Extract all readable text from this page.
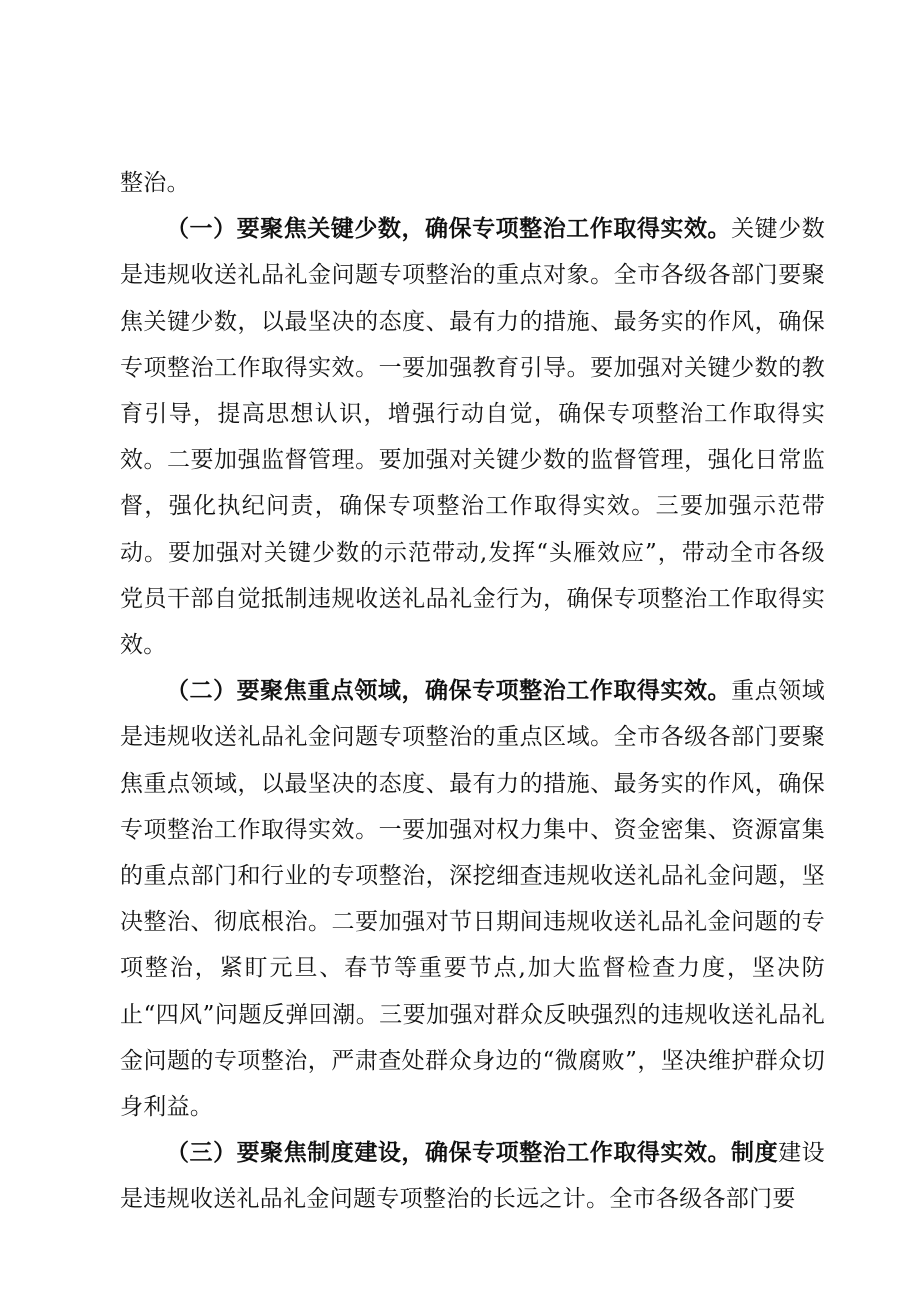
整治。

（一）要聚焦关键少数，确保专项整治工作取得实效。关键少数是违规收送礼品礼金问题专项整治的重点对象。全市各级各部门要聚焦关键少数，以最坚决的态度、最有力的措施、最务实的作风，确保专项整治工作取得实效。一要加强教育引导。要加强对关键少数的教育引导，提高思想认识，增强行动自觉，确保专项整治工作取得实效。二要加强监督管理。要加强对关键少数的监督管理，强化日常监督，强化执纪问责，确保专项整治工作取得实效。三要加强示范带动。要加强对关键少数的示范带动,发挥“头雁效应”，带动全市各级党员干部自觉抵制违规收送礼品礼金行为，确保专项整治工作取得实效。

（二）要聚焦重点领域，确保专项整治工作取得实效。重点领域是违规收送礼品礼金问题专项整治的重点区域。全市各级各部门要聚焦重点领域，以最坚决的态度、最有力的措施、最务实的作风，确保专项整治工作取得实效。一要加强对权力集中、资金密集、资源富集的重点部门和行业的专项整治，深挖细查违规收送礼品礼金问题，坚决整治、彻底根治。二要加强对节日期间违规收送礼品礼金问题的专项整治，紧盯元旦、春节等重要节点,加大监督检查力度，坚决防止“四风”问题反弹回潮。三要加强对群众反映强烈的违规收送礼品礼金问题的专项整治，严肃查处群众身边的“微腐败”，坚决维护群众切身利益。

（三）要聚焦制度建设，确保专项整治工作取得实效。制度建设是违规收送礼品礼金问题专项整治的长远之计。全市各级各部门要
